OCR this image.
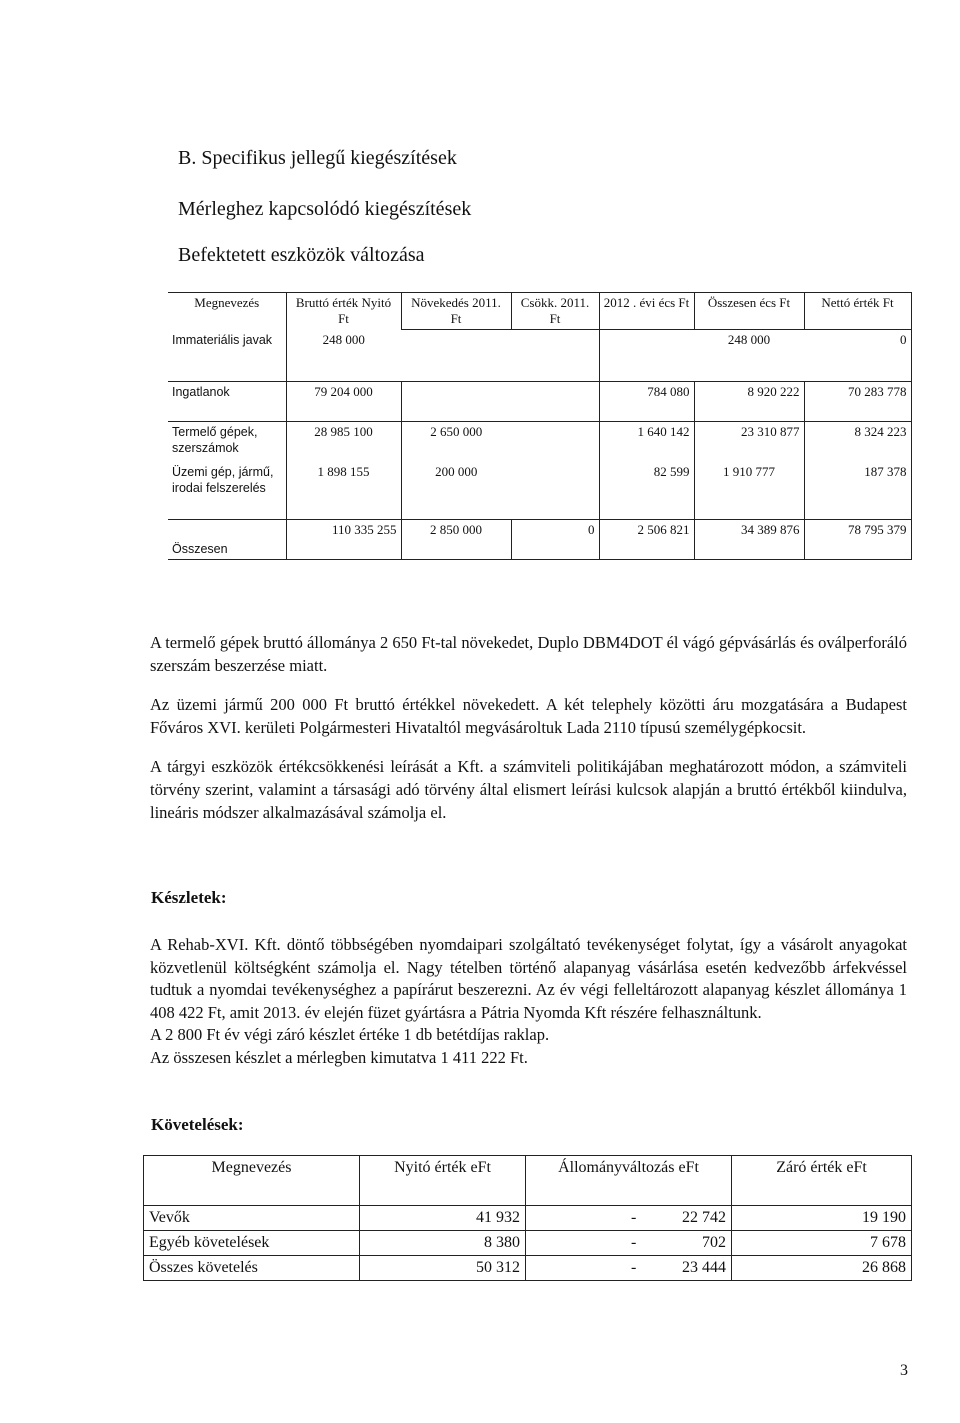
B. Specifikus jellegű kiegészítések
Mérleghez kapcsolódó kiegészítések
Befektetett eszközök változása
Megnevezés	Bruttó érték Nyitó Ft	Növekedés 2011. Ft	Csökk. 2011. Ft	2012 . évi écs Ft	Összesen écs Ft	Nettó érték Ft
Immateriális javak	248 000				248 000	0
Ingatlanok	79 204 000			784 080	8 920 222	70 283 778
Termelő gépek, szerszámok	28 985 100	2 650 000		1 640 142	23 310 877	8 324 223
Üzemi gép, jármű, irodai felszerelés	1 898 155	200 000		82 599	1 910 777	187 378
Összesen	110 335 255	2 850 000	0	2 506 821	34 389 876	78 795 379

A termelő gépek bruttó állománya 2 650 Ft-tal növekedet, Duplo DBM4DOT él vágó gépvásárlás és oválperforáló szerszám beszerzése miatt.

Az üzemi jármű 200 000 Ft bruttó értékkel növekedett. A két telephely közötti áru mozgatására a Budapest Főváros XVI. kerületi Polgármesteri Hivataltól megvásároltuk Lada 2110 típusú személygépkocsit.

A tárgyi eszközök értékcsökkenési leírását a Kft. a számviteli politikájában meghatározott módon, a számviteli törvény szerint, valamint a társasági adó törvény által elismert leírási kulcsok alapján a bruttó értékből kiindulva, lineáris módszer alkalmazásával számolja el.

Készletek:
A Rehab-XVI. Kft. döntő többségében nyomdaipari szolgáltató tevékenységet folytat, így a vásárolt anyagokat közvetlenül költségként számolja el. Nagy tételben történő alapanyag vásárlása esetén kedvezőbb árfekvéssel tudtuk a nyomdai tevékenységhez a papírárut beszerezni. Az év végi felleltározott alapanyag készlet állománya 1 408 422 Ft, amit 2013. év elején füzet gyártásra a Pátria Nyomda Kft részére felhasználtunk.
A 2 800 Ft év végi záró készlet értéke 1 db betétdíjas raklap.
Az összesen készlet a mérlegben kimutatva 1 411 222 Ft.
Követelések:
Megnevezés	Nyitó érték eFt	Állományváltozás eFt	Záró érték eFt
Vevők	41 932	- 22 742	19 190
Egyéb követelések	8 380	- 702	7 678
Összes követelés	50 312	- 23 444	26 868
3
